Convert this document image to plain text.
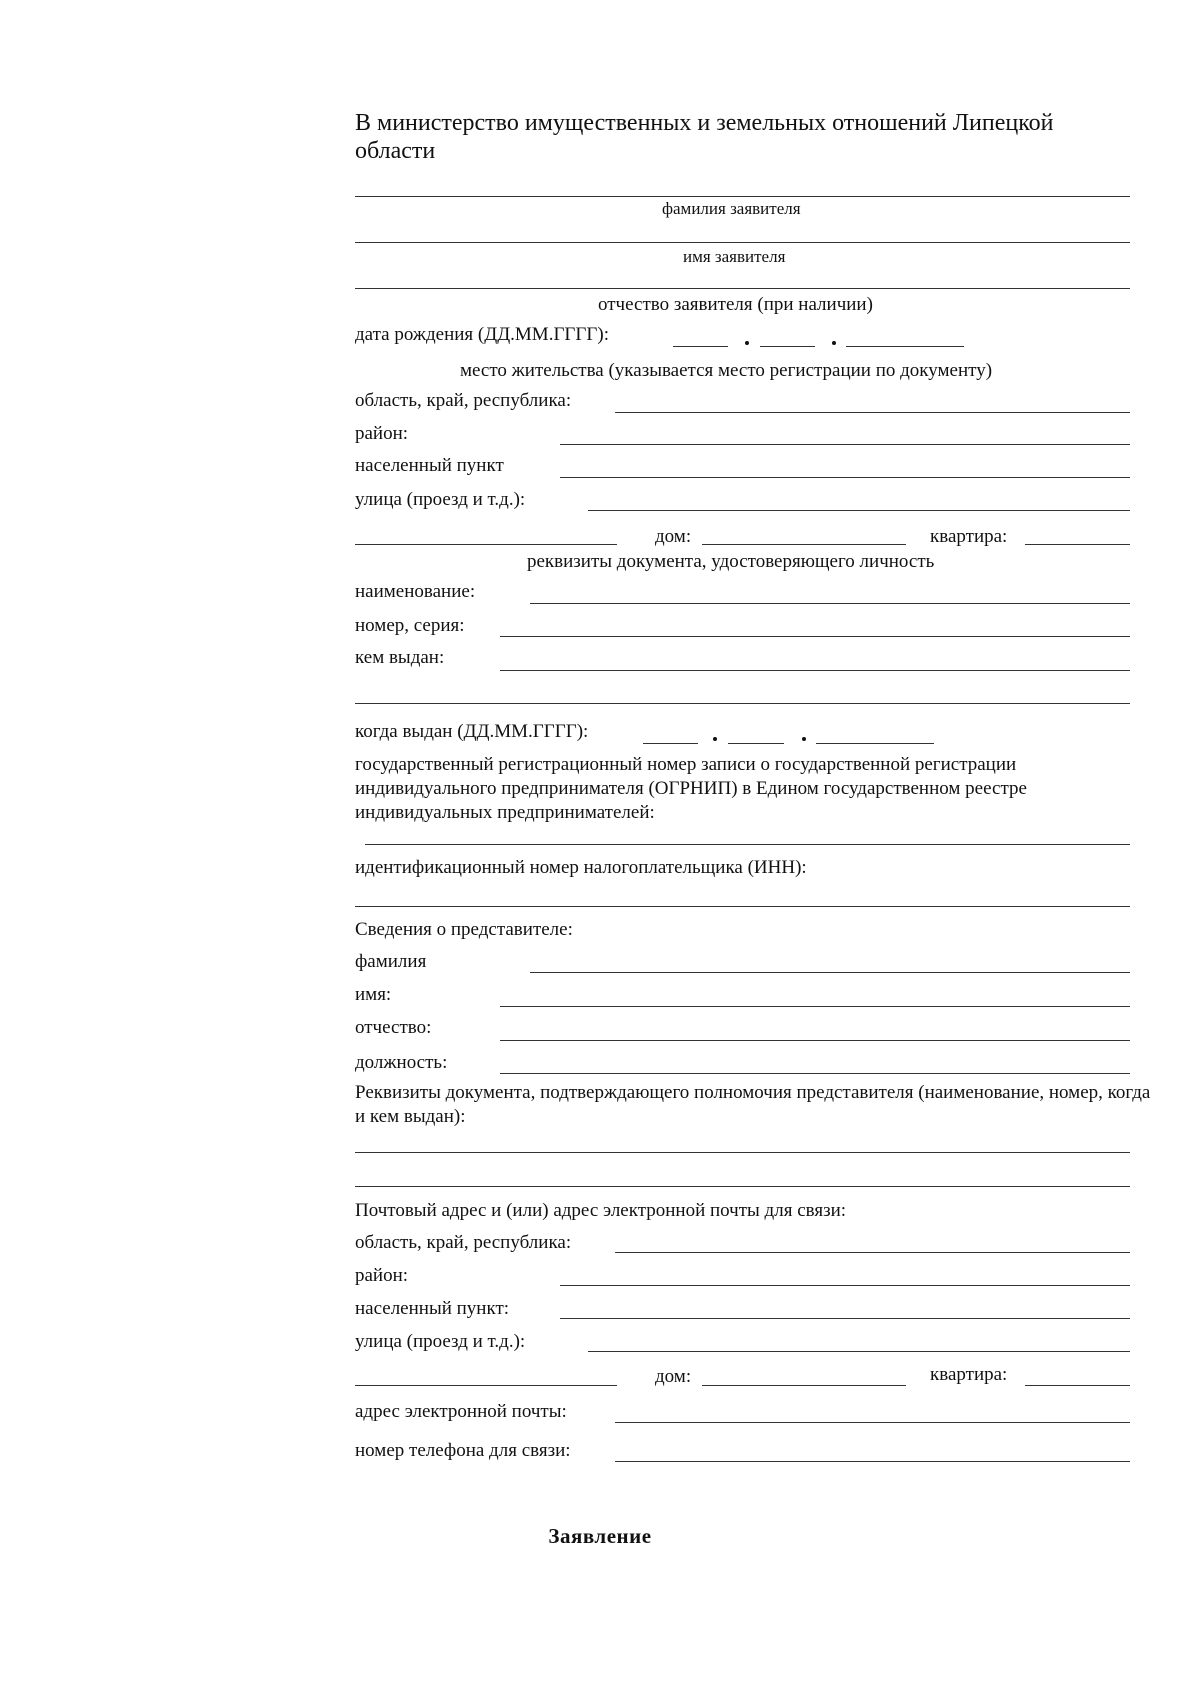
В министерство имущественных и земельных отношений Липецкой области
фамилия заявителя
имя заявителя
отчество заявителя (при наличии)
дата рождения (ДД.ММ.ГГГГ):
место жительства (указывается место регистрации по документу)
область, край, республика:
район:
населенный пункт
улица (проезд и т.д.):
дом:	квартира:
реквизиты документа, удостоверяющего личность
наименование:
номер, серия:
кем выдан:
когда выдан (ДД.ММ.ГГГГ):
государственный регистрационный номер записи о государственной регистрации индивидуального предпринимателя (ОГРНИП) в Едином государственном реестре индивидуальных предпринимателей:
идентификационный номер налогоплательщика (ИНН):
Сведения о представителе:
фамилия
имя:
отчество:
должность:
Реквизиты документа, подтверждающего полномочия представителя (наименование, номер, когда и кем выдан):
Почтовый адрес и (или) адрес электронной почты для связи:
область, край, республика:
район:
населенный пункт:
улица (проезд и т.д.):
дом:	квартира:
адрес электронной почты:
номер телефона для связи:
Заявление
